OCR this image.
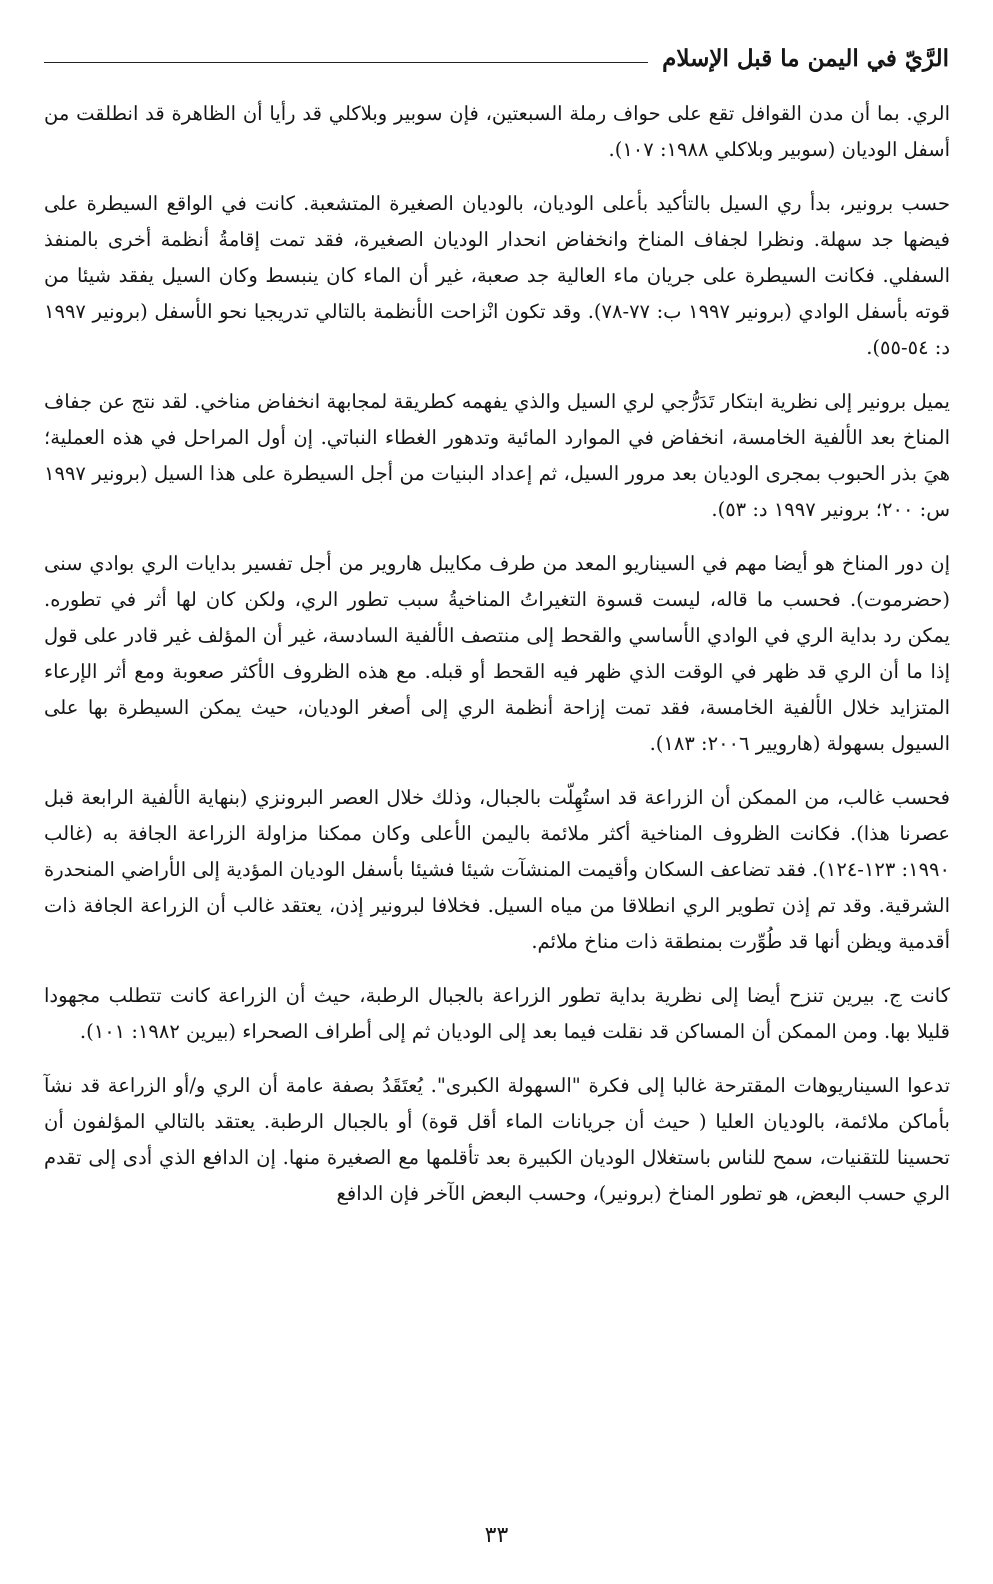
الرَّيّ في اليمن ما قبل الإسلام

الري. بما أن مدن القوافل تقع على حواف رملة السبعتين، فإن سوبير وبلاكلي قد رأيا أن الظاهرة قد انطلقت من أسفل الوديان (سوبير وبلاكلي ١٩٨٨: ١٠٧).

حسب برونير، بدأ ري السيل بالتأكيد بأعلى الوديان، بالوديان الصغيرة المتشعبة. كانت في الواقع السيطرة على فيضها جد سهلة. ونظرا لجفاف المناخ وانخفاض انحدار الوديان الصغيرة، فقد تمت إقامةُ أنظمة أخرى بالمنفذ السفلي. فكانت السيطرة على جريان ماء العالية جد صعبة، غير أن الماء كان ينبسط وكان السيل يفقد شيئا من قوته بأسفل الوادي (برونير ١٩٩٧ ب: ٧٧-٧٨). وقد تكون انْزاحت الأنظمة بالتالي تدريجيا نحو الأسفل (برونير ١٩٩٧ د: ٥٤-٥٥).

يميل برونير إلى نظرية ابتكار تَدَرُّجي لري السيل والذي يفهمه كطريقة لمجابهة انخفاض مناخي. لقد نتج عن جفاف المناخ بعد الألفية الخامسة، انخفاض في الموارد المائية وتدهور الغطاء النباتي. إن أول المراحل في هذه العملية؛ هيَ بذر الحبوب بمجرى الوديان بعد مرور السيل، ثم إعداد البنيات من أجل السيطرة على هذا السيل (برونير ١٩٩٧ س: ٢٠٠؛ برونير ١٩٩٧ د: ٥٣).

إن دور المناخ هو أيضا مهم في السيناريو المعد من طرف مكايبل هاروير من أجل تفسير بدايات الري بوادي سنى (حضرموت). فحسب ما قاله، ليست قسوة التغيراتُ المناخيةُ سبب تطور الري، ولكن كان لها أثر في تطوره. يمكن رد بداية الري في الوادي الأساسي والقحط إلى منتصف الألفية السادسة، غير أن المؤلف غير قادر على قول إذا ما أن الري قد ظهر في الوقت الذي ظهر فيه القحط أو قبله. مع هذه الظروف الأكثر صعوبة ومع أثر الإرعاء المتزايد خلال الألفية الخامسة، فقد تمت إزاحة أنظمة الري إلى أصغر الوديان، حيث يمكن السيطرة بها على السيول بسهولة (هارويير ٢٠٠٦: ١٨٣).

فحسب غالب، من الممكن أن الزراعة قد استُهِلّت بالجبال، وذلك خلال العصر البرونزي (بنهاية الألفية الرابعة قبل عصرنا هذا). فكانت الظروف المناخية أكثر ملائمة باليمن الأعلى وكان ممكنا مزاولة الزراعة الجافة به (غالب ١٩٩٠: ١٢٣-١٢٤). فقد تضاعف السكان وأقيمت المنشآت شيئا فشيئا بأسفل الوديان المؤدية إلى الأراضي المنحدرة الشرقية. وقد تم إذن تطوير الري انطلاقا من مياه السيل. فخلافا لبرونير إذن، يعتقد غالب أن الزراعة الجافة ذات أقدمية ويظن أنها قد طُوِّرت بمنطقة ذات مناخ ملائم.

كانت ج. بيرين تنزح أيضا إلى نظرية بداية تطور الزراعة بالجبال الرطبة، حيث أن الزراعة كانت تتطلب مجهودا قليلا بها. ومن الممكن أن المساكن قد نقلت فيما بعد إلى الوديان ثم إلى أطراف الصحراء (بيرين ١٩٨٢: ١٠١).

تدعوا السيناريوهات المقترحة غالبا إلى فكرة "السهولة الكبرى". يُعتَقَدُ بصفة عامة أن الري و/أو الزراعة قد نشآ بأماكن ملائمة، بالوديان العليا ( حيث أن جريانات الماء أقل قوة) أو بالجبال الرطبة. يعتقد بالتالي المؤلفون أن تحسينا للتقنيات، سمح للناس باستغلال الوديان الكبيرة بعد تأقلمها مع الصغيرة منها. إن الدافع الذي أدى إلى تقدم الري حسب البعض، هو تطور المناخ (برونير)، وحسب البعض الآخر فإن الدافع

٣٣
